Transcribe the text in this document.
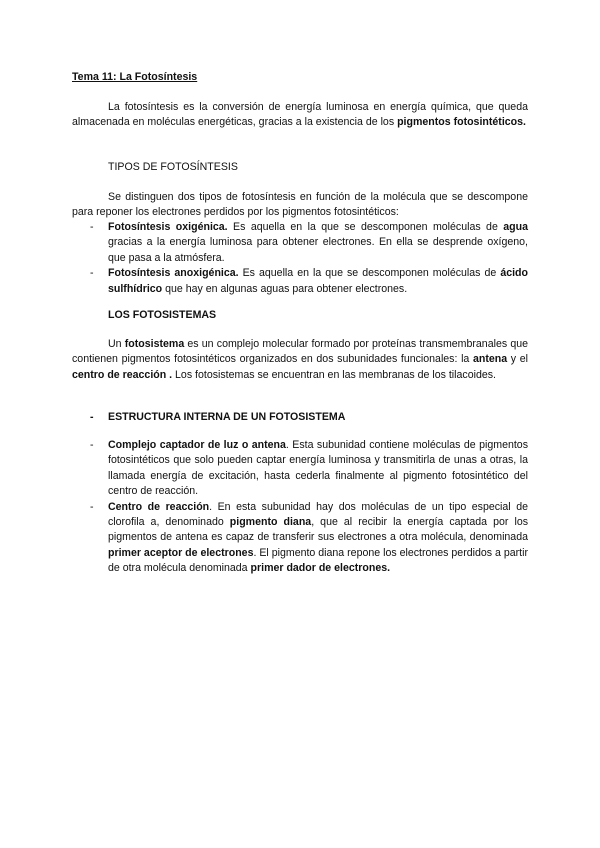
Tema 11: La Fotosíntesis

La fotosíntesis es la conversión de energía luminosa en energía química, que queda almacenada en moléculas energéticas, gracias a la existencia de los pigmentos fotosintéticos.

TIPOS DE FOTOSÍNTESIS

Se distinguen dos tipos de fotosíntesis en función de la molécula que se descompone para reponer los electrones perdidos por los pigmentos fotosintéticos:

- Fotosíntesis oxigénica. Es aquella en la que se descomponen moléculas de agua gracias a la energía luminosa para obtener electrones. En ella se desprende oxígeno, que pasa a la atmósfera.
- Fotosíntesis anoxigénica. Es aquella en la que se descomponen moléculas de ácido sulfhídrico que hay en algunas aguas para obtener electrones.
LOS FOTOSISTEMAS

Un fotosistema es un complejo molecular formado por proteínas transmembranales que contienen pigmentos fotosintéticos organizados en dos subunidades funcionales: la antena y el centro de reacción . Los fotosistemas se encuentran en las membranas de los tilacoides.

- ESTRUCTURA INTERNA DE UN FOTOSISTEMA
- Complejo captador de luz o antena. Esta subunidad contiene moléculas de pigmentos fotosintéticos que solo pueden captar energía luminosa y transmitirla de unas a otras, la llamada energía de excitación, hasta cederla finalmente al pigmento fotosintético del centro de reacción.
- Centro de reacción. En esta subunidad hay dos moléculas de un tipo especial de clorofila a, denominado pigmento diana, que al recibir la energía captada por los pigmentos de antena es capaz de transferir sus electrones a otra molécula, denominada primer aceptor de electrones. El pigmento diana repone los electrones perdidos a partir de otra molécula denominada primer dador de electrones.
